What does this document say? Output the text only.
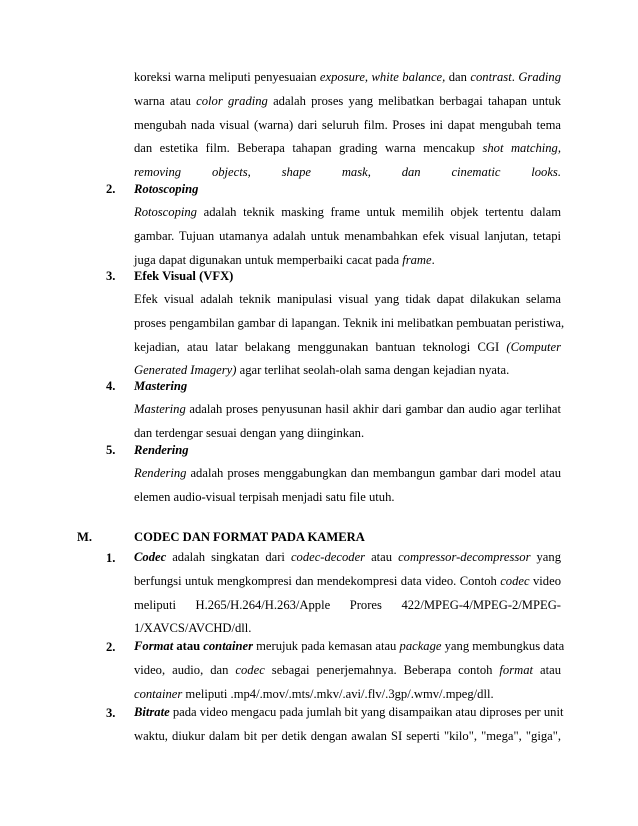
koreksi warna meliputi penyesuaian exposure, white balance, dan contrast. Grading
warna atau color grading adalah proses yang melibatkan berbagai tahapan untuk
mengubah nada visual (warna) dari seluruh film. Proses ini dapat mengubah tema
dan estetika film. Beberapa tahapan grading warna mencakup shot matching,
removing objects, shape mask, dan cinematic looks.
2. Rotoscoping
Rotoscoping adalah teknik masking frame untuk memilih objek tertentu dalam
gambar. Tujuan utamanya adalah untuk menambahkan efek visual lanjutan, tetapi
juga dapat digunakan untuk memperbaiki cacat pada frame.
3. Efek Visual (VFX)
Efek visual adalah teknik manipulasi visual yang tidak dapat dilakukan selama
proses pengambilan gambar di lapangan. Teknik ini melibatkan pembuatan peristiwa,
kejadian, atau latar belakang menggunakan bantuan teknologi CGI (Computer
Generated Imagery) agar terlihat seolah-olah sama dengan kejadian nyata.
4. Mastering
Mastering adalah proses penyusunan hasil akhir dari gambar dan audio agar terlihat
dan terdengar sesuai dengan yang diinginkan.
5. Rendering
Rendering adalah proses menggabungkan dan membangun gambar dari model atau
elemen audio-visual terpisah menjadi satu file utuh.
M.	CODEC DAN FORMAT PADA KAMERA
1. Codec adalah singkatan dari codec-decoder atau compressor-decompressor yang
berfungsi untuk mengkompresi dan mendekompresi data video. Contoh codec video
meliputi H.265/H.264/H.263/Apple Prores 422/MPEG-4/MPEG-2/MPEG-
1/XAVCS/AVCHD/dll.
2. Format atau container merujuk pada kemasan atau package yang membungkus data
video, audio, dan codec sebagai penerjemahnya. Beberapa contoh format atau
container meliputi .mp4/.mov/.mts/.mkv/.avi/.flv/.3gp/.wmv/.mpeg/dll.
3. Bitrate pada video mengacu pada jumlah bit yang disampaikan atau diproses per unit
waktu, diukur dalam bit per detik dengan awalan SI seperti "kilo", "mega", "giga",
